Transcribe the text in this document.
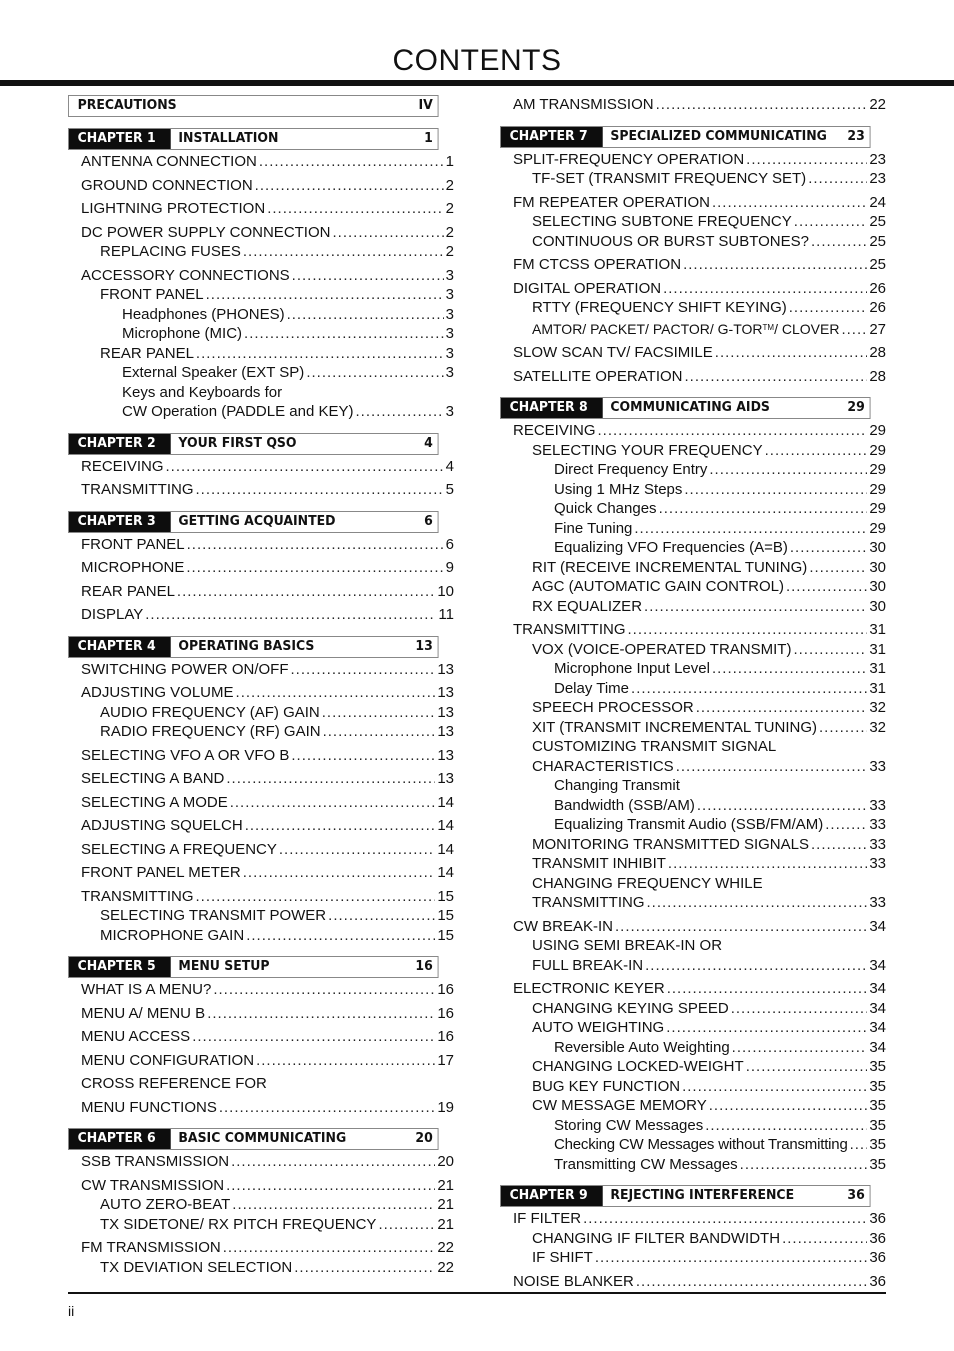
CONTENTS
PRECAUTIONS	IV
CHAPTER 1	INSTALLATION	1
ANTENNA CONNECTION .....	1
GROUND CONNECTION .....	2
LIGHTNING PROTECTION .....	2
DC POWER SUPPLY CONNECTION .....	2
REPLACING FUSES .....	2
ACCESSORY CONNECTIONS .....	3
FRONT PANEL .....	3
Headphones (PHONES) .....	3
Microphone (MIC) .....	3
REAR PANEL .....	3
External Speaker (EXT SP) .....	3
Keys and Keyboards for
CW Operation (PADDLE and KEY) .....	3
CHAPTER 2	YOUR FIRST QSO	4
RECEIVING .....	4
TRANSMITTING .....	5
CHAPTER 3	GETTING ACQUAINTED	6
FRONT PANEL .....	6
MICROPHONE .....	9
REAR PANEL .....	10
DISPLAY .....	11
CHAPTER 4	OPERATING BASICS	13
SWITCHING POWER ON/OFF .....	13
ADJUSTING VOLUME .....	13
AUDIO FREQUENCY (AF) GAIN .....	13
RADIO FREQUENCY (RF) GAIN .....	13
SELECTING VFO A OR VFO B .....	13
SELECTING A BAND .....	13
SELECTING A MODE .....	14
ADJUSTING SQUELCH .....	14
SELECTING A FREQUENCY .....	14
FRONT PANEL METER .....	14
TRANSMITTING .....	15
SELECTING TRANSMIT POWER .....	15
MICROPHONE GAIN .....	15
CHAPTER 5	MENU SETUP	16
WHAT IS A MENU? .....	16
MENU A/ MENU B .....	16
MENU ACCESS .....	16
MENU CONFIGURATION .....	17
CROSS REFERENCE FOR
MENU FUNCTIONS .....	19
CHAPTER 6	BASIC COMMUNICATING	20
SSB TRANSMISSION .....	20
CW TRANSMISSION .....	21
AUTO ZERO-BEAT .....	21
TX SIDETONE/ RX PITCH FREQUENCY .....	21
FM TRANSMISSION .....	22
TX DEVIATION SELECTION .....	22
AM TRANSMISSION .....	22
CHAPTER 7	SPECIALIZED COMMUNICATING	23
SPLIT-FREQUENCY OPERATION .....	23
TF-SET (TRANSMIT FREQUENCY SET) .....	23
FM REPEATER OPERATION .....	24
SELECTING SUBTONE FREQUENCY .....	25
CONTINUOUS OR BURST SUBTONES? .....	25
FM CTCSS OPERATION .....	25
DIGITAL OPERATION .....	26
RTTY (FREQUENCY SHIFT KEYING) .....	26
AMTOR/ PACKET/ PACTOR/ G-TOR™/ CLOVER ..... 27
SLOW SCAN TV/ FACSIMILE .....	28
SATELLITE OPERATION .....	28
CHAPTER 8	COMMUNICATING AIDS	29
RECEIVING .....	29
SELECTING YOUR FREQUENCY .....	29
Direct Frequency Entry .....	29
Using 1 MHz Steps .....	29
Quick Changes .....	29
Fine Tuning .....	29
Equalizing VFO Frequencies (A=B) .....	30
RIT (RECEIVE INCREMENTAL TUNING) .....	30
AGC (AUTOMATIC GAIN CONTROL) .....	30
RX EQUALIZER .....	30
TRANSMITTING .....	31
VOX (VOICE-OPERATED TRANSMIT) .....	31
Microphone Input Level .....	31
Delay Time .....	31
SPEECH PROCESSOR .....	32
XIT (TRANSMIT INCREMENTAL TUNING) .....	32
CUSTOMIZING TRANSMIT SIGNAL
CHARACTERISTICS .....	33
Changing Transmit
Bandwidth (SSB/AM) .....	33
Equalizing Transmit Audio (SSB/FM/AM) .....	33
MONITORING TRANSMITTED SIGNALS .....	33
TRANSMIT INHIBIT .....	33
CHANGING FREQUENCY WHILE
TRANSMITTING .....	33
CW BREAK-IN .....	34
USING SEMI BREAK-IN OR
FULL BREAK-IN .....	34
ELECTRONIC KEYER .....	34
CHANGING KEYING SPEED .....	34
AUTO WEIGHTING .....	34
Reversible Auto Weighting .....	34
CHANGING LOCKED-WEIGHT .....	35
BUG KEY FUNCTION .....	35
CW MESSAGE MEMORY .....	35
Storing CW Messages .....	35
Checking CW Messages without Transmitting ..... 35
Transmitting CW Messages .....	35
CHAPTER 9	REJECTING INTERFERENCE	36
IF FILTER .....	36
CHANGING IF FILTER BANDWIDTH .....	36
IF SHIFT .....	36
NOISE BLANKER .....	36
ii
